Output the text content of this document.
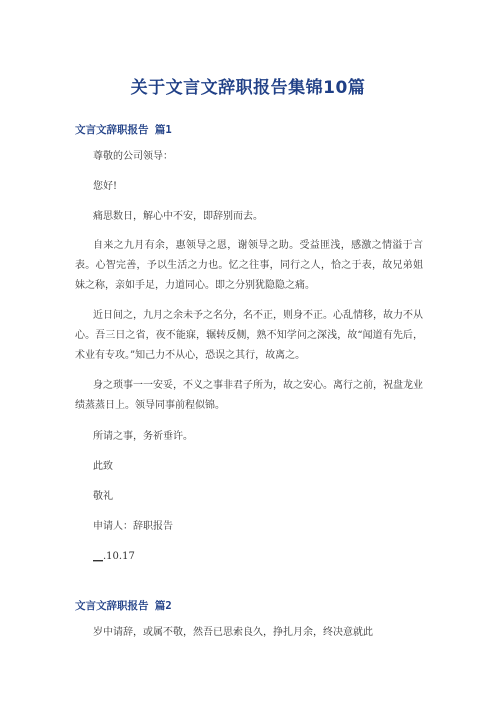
关于文言文辞职报告集锦10篇
文言文辞职报告 篇1
尊敬的公司领导：
您好!
痛思数日，解心中不安，即辞别而去。
自来之九月有余，惠领导之恩，谢领导之助。受益匪浅，感激之情溢于言表。心智完善，予以生活之力也。忆之往事，同行之人，恰之于表，故兄弟姐妹之称，亲如手足，力道同心。即之分别犹隐隐之痛。
近日间之，九月之余未予之名分，名不正，则身不正。心乱情移，故力不从心。吾三日之省，夜不能寐，辗转反侧，熟不知学问之深浅，故“闻道有先后，术业有专攻。”知己力不从心，恐误之其行，故离之。
身之琐事一一安妥，不义之事非君子所为，故之安心。离行之前，祝盘龙业绩蒸蒸日上。领导同事前程似锦。
所请之事，务祈垂许。
此致
敬礼
申请人：辞职报告
__.10.17
文言文辞职报告 篇2
岁中请辞，或属不敬，然吾已思索良久，挣扎月余，终决意就此
